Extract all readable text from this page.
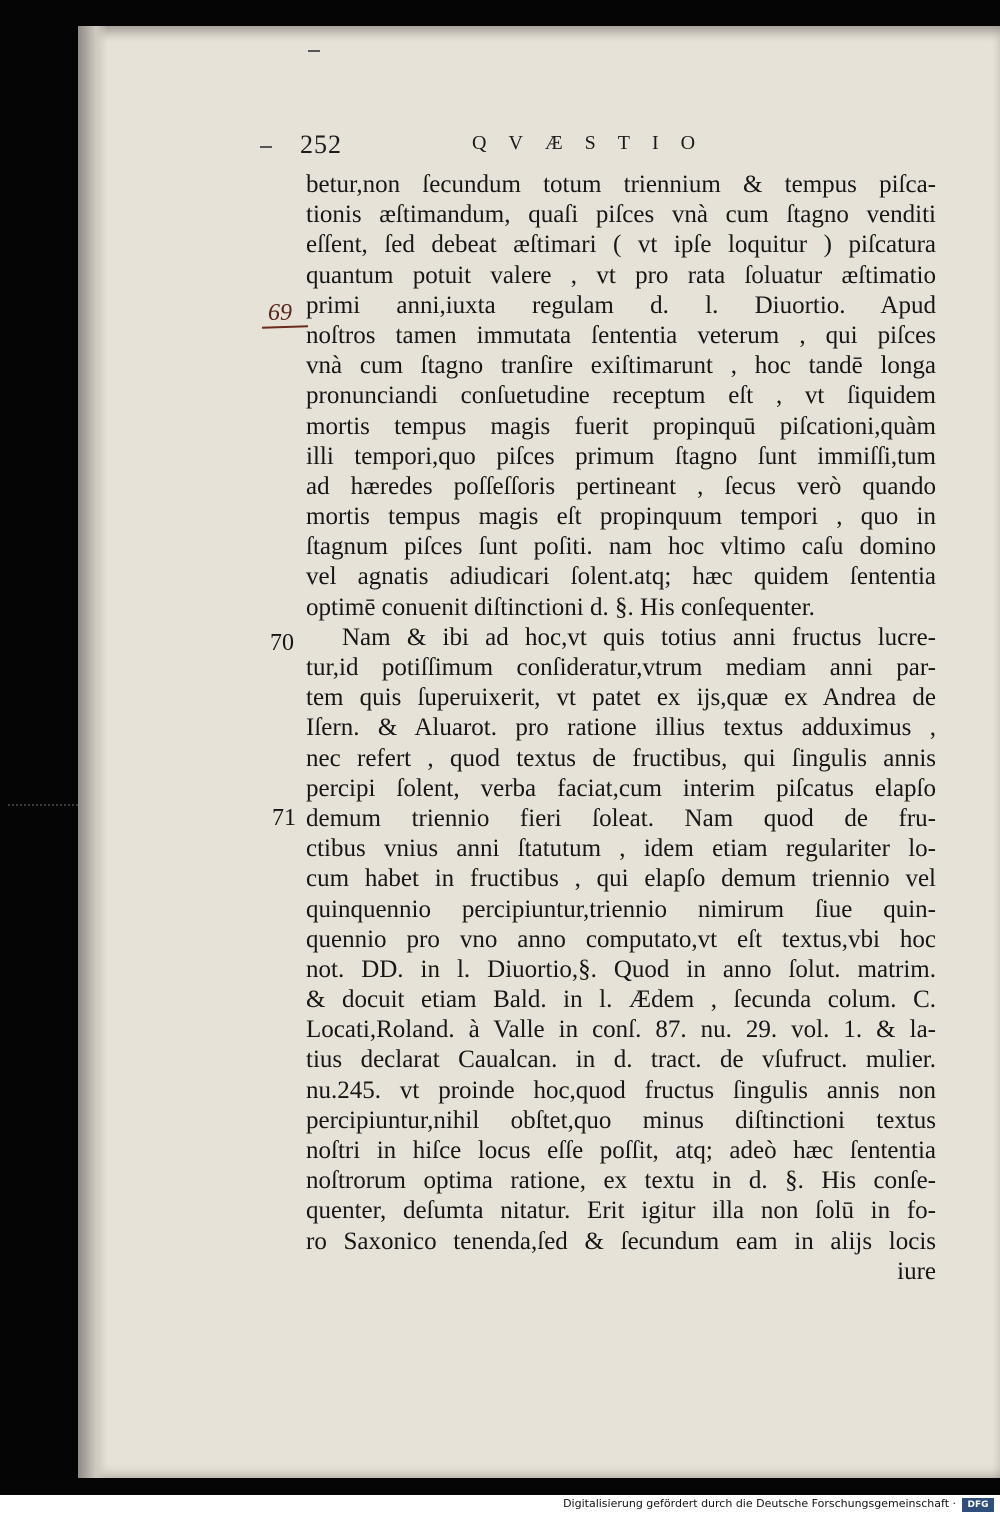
252	QVÆSTIO
69
70
71
betur,non ſecundum totum triennium & tempus piſca-
tionis æſtimandum, quaſi piſces vnà cum ſtagno venditi
eſſent, ſed debeat æſtimari ( vt ipſe loquitur ) piſcatura
quantum potuit valere , vt pro rata ſoluatur æſtimatio
primi anni,iuxta regulam d. l. Diuortio. Apud
noſtros tamen immutata ſententia veterum , qui piſces
vnà cum ſtagno tranſire exiſtimarunt , hoc tandē longa
pronunciandi conſuetudine receptum eſt , vt ſiquidem
mortis tempus magis fuerit propinquū piſcationi,quàm
illi tempori,quo piſces primum ſtagno ſunt immiſſi,tum
ad hæredes poſſeſſoris pertineant , ſecus verò quando
mortis tempus magis eſt propinquum tempori , quo in
ſtagnum piſces ſunt poſiti. nam hoc vltimo caſu domino
vel agnatis adiudicari ſolent.atq; hæc quidem ſententia
optimē conuenit diſtinctioni d. §. His conſequenter.
Nam & ibi ad hoc,vt quis totius anni fructus lucre-
tur,id potiſſimum conſideratur,vtrum mediam anni par-
tem quis ſuperuixerit, vt patet ex ijs,quæ ex Andrea de
Iſern. & Aluarot. pro ratione illius textus adduximus ,
nec refert , quod textus de fructibus, qui ſingulis annis
percipi ſolent, verba faciat,cum interim piſcatus elapſo
demum triennio fieri ſoleat. Nam quod de fru-
ctibus vnius anni ſtatutum , idem etiam regulariter lo-
cum habet in fructibus , qui elapſo demum triennio vel
quinquennio percipiuntur,triennio nimirum ſiue quin-
quennio pro vno anno computato,vt eſt textus,vbi hoc
not. DD. in l. Diuortio,§. Quod in anno ſolut. matrim.
& docuit etiam Bald. in l. Ædem , ſecunda colum. C.
Locati,Roland. à Valle in conſ. 87. nu. 29. vol. 1. & la-
tius declarat Caualcan. in d. tract. de vſufruct. mulier.
nu.245. vt proinde hoc,quod fructus ſingulis annis non
percipiuntur,nihil obſtet,quo minus diſtinctioni textus
noſtri in hiſce locus eſſe poſſit, atq; adeò hæc ſententia
noſtrorum optima ratione, ex textu in d. §. His conſe-
quenter, deſumta nitatur. Erit igitur illa non ſolū in fo-
ro Saxonico tenenda,ſed & ſecundum eam in alijs locis
iure
Digitalisierung gefördert durch die Deutsche Forschungsgemeinschaft ·	DFG
